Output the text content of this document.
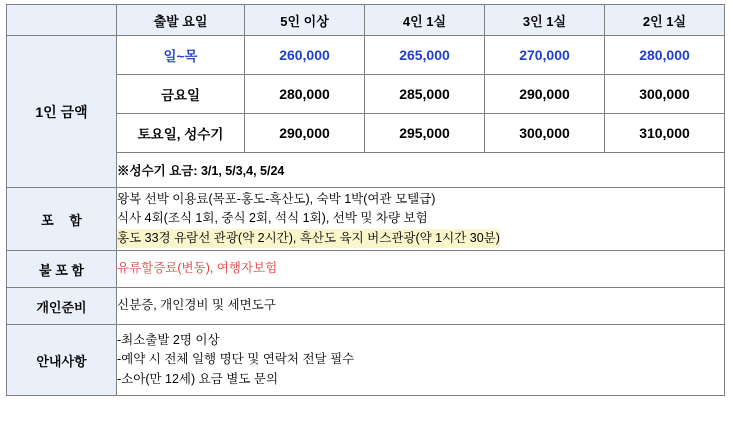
	출발 요일	5인 이상	4인 1실	3인 1실	2인 1실
1인 금액	일~목	260,000	265,000	270,000	280,000
	금요일	280,000	285,000	290,000	300,000
	토요일, 성수기	290,000	295,000	300,000	310,000
	※성수기 요금: 3/1, 5/3,4, 5/24				
포 함	왕복 선박 이용료(목포-홍도-흑산도), 숙박 1박(여관 모텔급)
식사 4회(조식 1회, 중식 2회, 석식 1회), 선박 및 차량 보험
홍도 33경 유람선 관광(약 2시간), 흑산도 육지 버스관광(약 1시간 30분)				
불 포 함	유류할증료(변동), 여행자보험				

개인준비	신분증, 개인경비 및 세면도구				

안내사항	-최소출발 2명 이상
-예약 시 전체 일행 명단 및 연락처 전달 필수
-소아(만 12세) 요금 별도 문의				
